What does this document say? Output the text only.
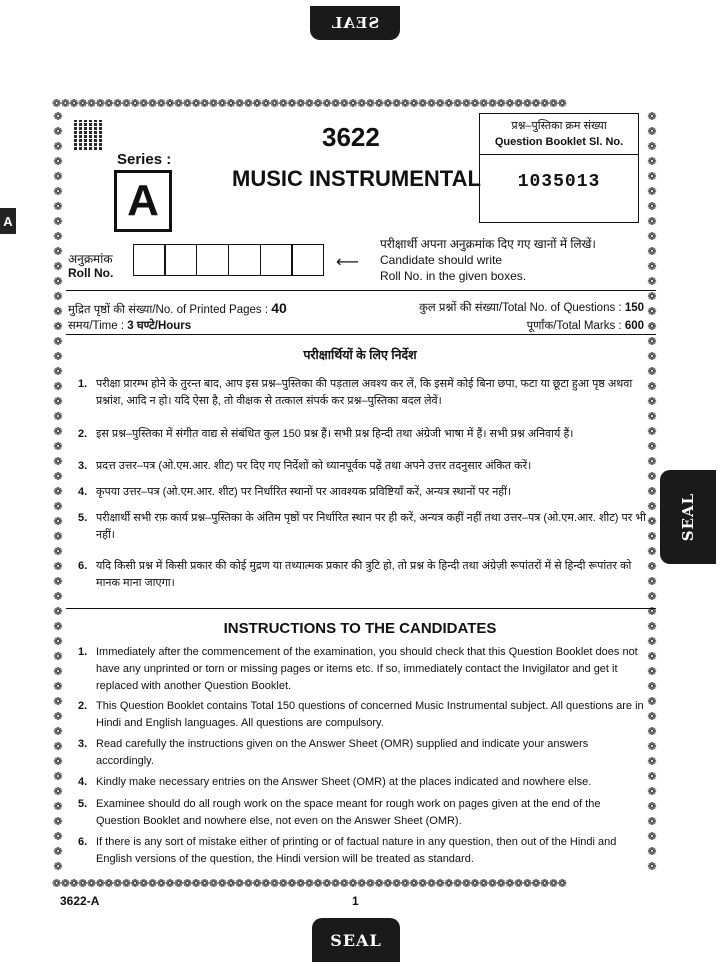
SEAL
SEAL
SEAL
A
❁❁❁❁❁❁❁❁❁❁❁❁❁❁❁❁❁❁❁❁❁❁❁❁❁❁❁❁❁❁❁❁❁❁❁❁❁❁❁❁❁❁❁❁❁❁❁❁❁❁❁❁❁❁❁❁❁❁❁
❁❁❁❁❁❁❁❁❁❁❁❁❁❁❁❁❁❁❁❁❁❁❁❁❁❁❁❁❁❁❁❁❁❁❁❁❁❁❁❁❁❁❁❁❁❁❁❁❁❁❁❁❁❁❁❁❁❁❁
❁
❁
❁
❁
❁
❁
❁
❁
❁
❁
❁
❁
❁
❁
❁
❁
❁
❁
❁
❁
❁
❁
❁
❁
❁
❁
❁
❁
❁
❁
❁
❁
❁
❁
❁
❁
❁
❁
❁
❁
❁
❁
❁
❁
❁
❁
❁
❁
❁
❁
❁
❁
❁
❁
❁
❁
❁
❁
❁
❁
❁
❁
❁
❁
❁
❁
❁
❁
❁
❁
❁
❁
❁
❁
❁
❁
❁
❁
❁
❁
❁
❁
❁
❁
❁
❁
❁
❁
❁
❁
❁
❁
❁
❁
❁
❁
❁
❁
❁
❁
❁
❁
Series :
A
3622
MUSIC INSTRUMENTAL
प्रश्न–पुस्तिका क्रम संख्या
Question Booklet Sl. No.
1035013
अनुक्रमांक
Roll No.
⟵
परीक्षार्थी अपना अनुक्रमांक दिए गए खानों में लिखें।
Candidate should write
Roll No. in the given boxes.
मुद्रित पृष्ठों की संख्या/No. of Printed Pages : 40
समय/Time : 3 घण्टे/Hours
कुल प्रश्नों की संख्या/Total No. of Questions : 150
पूर्णांक/Total Marks : 600
परीक्षार्थियों के लिए निर्देश
1. परीक्षा प्रारम्भ होने के तुरन्त बाद, आप इस प्रश्न–पुस्तिका की पड़ताल अवश्य कर लें, कि इसमें कोई बिना छपा, फटा या छूटा हुआ पृष्ठ अथवा प्रश्नांश, आदि न हो। यदि ऐसा है, तो वीक्षक से तत्काल संपर्क कर प्रश्न–पुस्तिका बदल लेवें।
2. इस प्रश्न–पुस्तिका में संगीत वाद्य से संबंधित कुल 150 प्रश्न हैं। सभी प्रश्न हिन्दी तथा अंग्रेजी भाषा में हैं। सभी प्रश्न अनिवार्य हैं।
3. प्रदत्त उत्तर–पत्र (ओ.एम.आर. शीट) पर दिए गए निर्देशों को ध्यानपूर्वक पढ़ें तथा अपने उत्तर तदनुसार अंकित करें।
4. कृपया उत्तर–पत्र (ओ.एम.आर. शीट) पर निर्धारित स्थानों पर आवश्यक प्रविष्टियाँ करें, अन्यत्र स्थानों पर नहीं।
5. परीक्षार्थी सभी रफ़ कार्य प्रश्न–पुस्तिका के अंतिम पृष्ठों पर निर्धारित स्थान पर ही करें, अन्यत्र कहीं नहीं तथा उत्तर–पत्र (ओ.एम.आर. शीट) पर भी नहीं।
6. यदि किसी प्रश्न में किसी प्रकार की कोई मुद्रण या तथ्यात्मक प्रकार की त्रुटि हो, तो प्रश्न के हिन्दी तथा अंग्रेज़ी रूपांतरों में से हिन्दी रूपांतर को मानक माना जाएगा।
INSTRUCTIONS TO THE CANDIDATES
1. Immediately after the commencement of the examination, you should check that this Question Booklet does not have any unprinted or torn or missing pages or items etc. If so, immediately contact the Invigilator and get it replaced with another Question Booklet.
2. This Question Booklet contains Total 150 questions of concerned Music Instrumental subject. All questions are in Hindi and English languages. All questions are compulsory.
3. Read carefully the instructions given on the Answer Sheet (OMR) supplied and indicate your answers accordingly.
4. Kindly make necessary entries on the Answer Sheet (OMR) at the places indicated and nowhere else.
5. Examinee should do all rough work on the space meant for rough work on pages given at the end of the Question Booklet and nowhere else, not even on the Answer Sheet (OMR).
6. If there is any sort of mistake either of printing or of factual nature in any question, then out of the Hindi and English versions of the question, the Hindi version will be treated as standard.
3622-A	1
